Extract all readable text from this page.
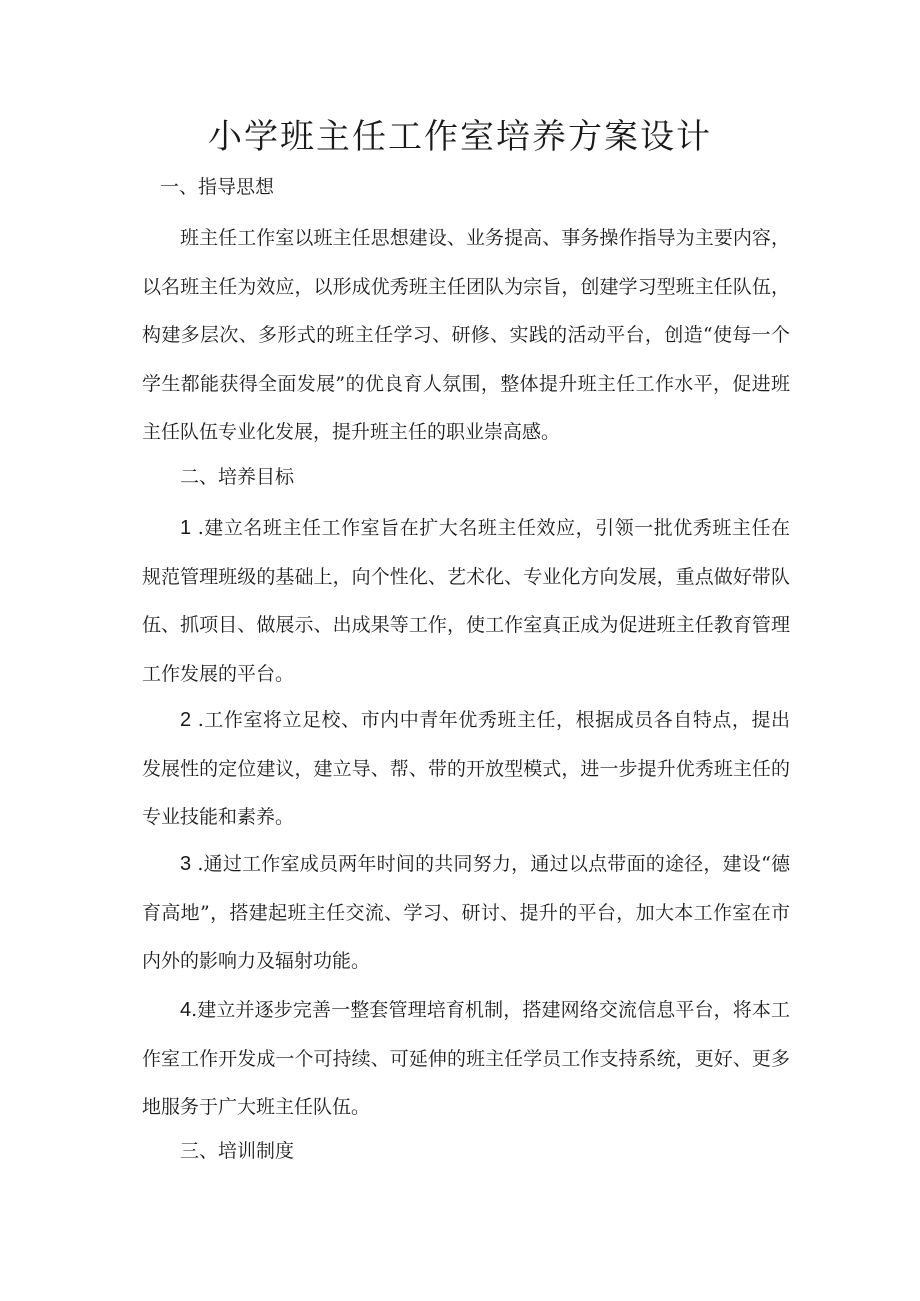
小学班主任工作室培养方案设计

一、指导思想

班主任工作室以班主任思想建设、业务提高、事务操作指导为主要内容，以名班主任为效应，以形成优秀班主任团队为宗旨，创建学习型班主任队伍，构建多层次、多形式的班主任学习、研修、实践的活动平台，创造“使每一个学生都能获得全面发展”的优良育人氛围，整体提升班主任工作水平，促进班主任队伍专业化发展，提升班主任的职业崇高感。

二、培养目标

1 .建立名班主任工作室旨在扩大名班主任效应，引领一批优秀班主任在规范管理班级的基础上，向个性化、艺术化、专业化方向发展，重点做好带队伍、抓项目、做展示、出成果等工作，使工作室真正成为促进班主任教育管理工作发展的平台。

2 .工作室将立足校、市内中青年优秀班主任，根据成员各自特点，提出发展性的定位建议，建立导、帮、带的开放型模式，进一步提升优秀班主任的专业技能和素养。

3 .通过工作室成员两年时间的共同努力，通过以点带面的途径，建设“德育高地”，搭建起班主任交流、学习、研讨、提升的平台，加大本工作室在市内外的影响力及辐射功能。

4.建立并逐步完善一整套管理培育机制，搭建网络交流信息平台，将本工作室工作开发成一个可持续、可延伸的班主任学员工作支持系统，更好、更多地服务于广大班主任队伍。

三、培训制度
